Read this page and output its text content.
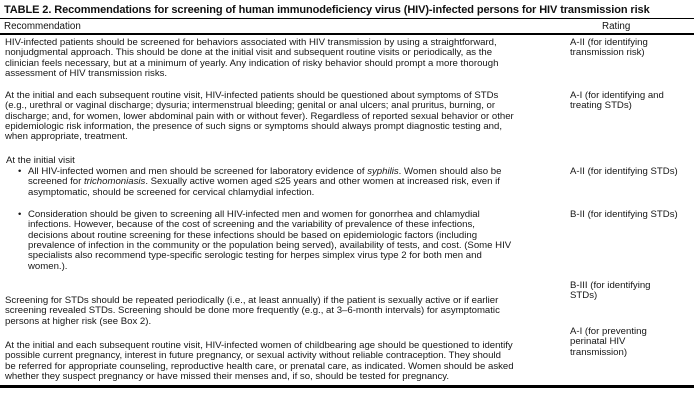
TABLE 2. Recommendations for screening of human immunodeficiency virus (HIV)-infected persons for HIV transmission risk
Recommendation	Rating
HIV-infected patients should be screened for behaviors associated with HIV transmission by using a straightforward,
nonjudgmental approach. This should be done at the initial visit and subsequent routine visits or periodically, as the
clinician feels necessary, but at a minimum of yearly. Any indication of risky behavior should prompt a more thorough
assessment of HIV transmission risks.
A-II (for identifying
transmission risk)
At the initial and each subsequent routine visit, HIV-infected patients should be questioned about symptoms of STDs
(e.g., urethral or vaginal discharge; dysuria; intermenstrual bleeding; genital or anal ulcers; anal pruritus, burning, or
discharge; and, for women, lower abdominal pain with or without fever). Regardless of reported sexual behavior or other
epidemiologic risk information, the presence of such signs or symptoms should always prompt diagnostic testing and,
when appropriate, treatment.
A-I (for identifying and
treating STDs)
At the initial visit
• All HIV-infected women and men should be screened for laboratory evidence of syphilis. Women should also be
screened for trichomoniasis. Sexually active women aged ≤25 years and other women at increased risk, even if
asymptomatic, should be screened for cervical chlamydial infection.
A-II (for identifying STDs)
• Consideration should be given to screening all HIV-infected men and women for gonorrhea and chlamydial
infections. However, because of the cost of screening and the variability of prevalence of these infections,
decisions about routine screening for these infections should be based on epidemiologic factors (including
prevalence of infection in the community or the population being served), availability of tests, and cost. (Some HIV
specialists also recommend type-specific serologic testing for herpes simplex virus type 2 for both men and
women.).
B-II (for identifying STDs)
Screening for STDs should be repeated periodically (i.e., at least annually) if the patient is sexually active or if earlier
screening revealed STDs. Screening should be done more frequently (e.g., at 3–6-month intervals) for asymptomatic
persons at higher risk (see Box 2).
B-III (for identifying
STDs)
At the initial and each subsequent routine visit, HIV-infected women of childbearing age should be questioned to identify
possible current pregnancy, interest in future pregnancy, or sexual activity without reliable contraception. They should
be referred for appropriate counseling, reproductive health care, or prenatal care, as indicated. Women should be asked
whether they suspect pregnancy or have missed their menses and, if so, should be tested for pregnancy.
A-I (for preventing
perinatal HIV
transmission)
